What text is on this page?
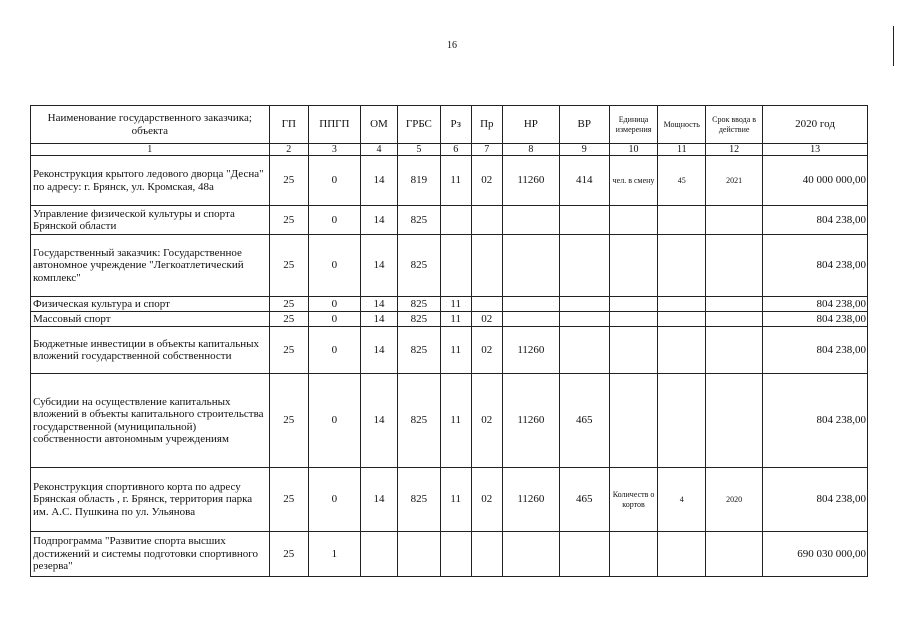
16
Наименование государственного заказчика; объекта	ГП	ППГП	ОМ	ГРБС	Рз	Пр	НР	ВР	Единица измерения	Мощность	Срок ввода в действие	2020 год
1	2	3	4	5	6	7	8	9	10	11	12	13
Реконструкция крытого ледового дворца "Десна" по адресу: г. Брянск, ул. Кромская, 48а	25	0	14	819	11	02	11260	414	чел. в смену	45	2021	40 000 000,00
Управление физической культуры и спорта Брянской области	25	0	14	825								804 238,00
Государственный заказчик: Государственное автономное учреждение "Легкоатлетический комплекс"	25	0	14	825								804 238,00
Физическая культура и спорт	25	0	14	825	11							804 238,00
Массовый спорт	25	0	14	825	11	02						804 238,00
Бюджетные инвестиции в объекты капитальных вложений государственной собственности	25	0	14	825	11	02	11260					804 238,00
Субсидии на осуществление капитальных вложений в объекты капитального строительства государственной (муниципальной) собственности автономным учреждениям	25	0	14	825	11	02	11260	465				804 238,00
Реконструкция спортивного корта по адресу Брянская область , г. Брянск, территория парка им. А.С. Пушкина по ул. Ульянова	25	0	14	825	11	02	11260	465	Количеств о кортов	4	2020	804 238,00
Подпрограмма "Развитие спорта высших достижений и системы подготовки спортивного резерва"	25	1										690 030 000,00
